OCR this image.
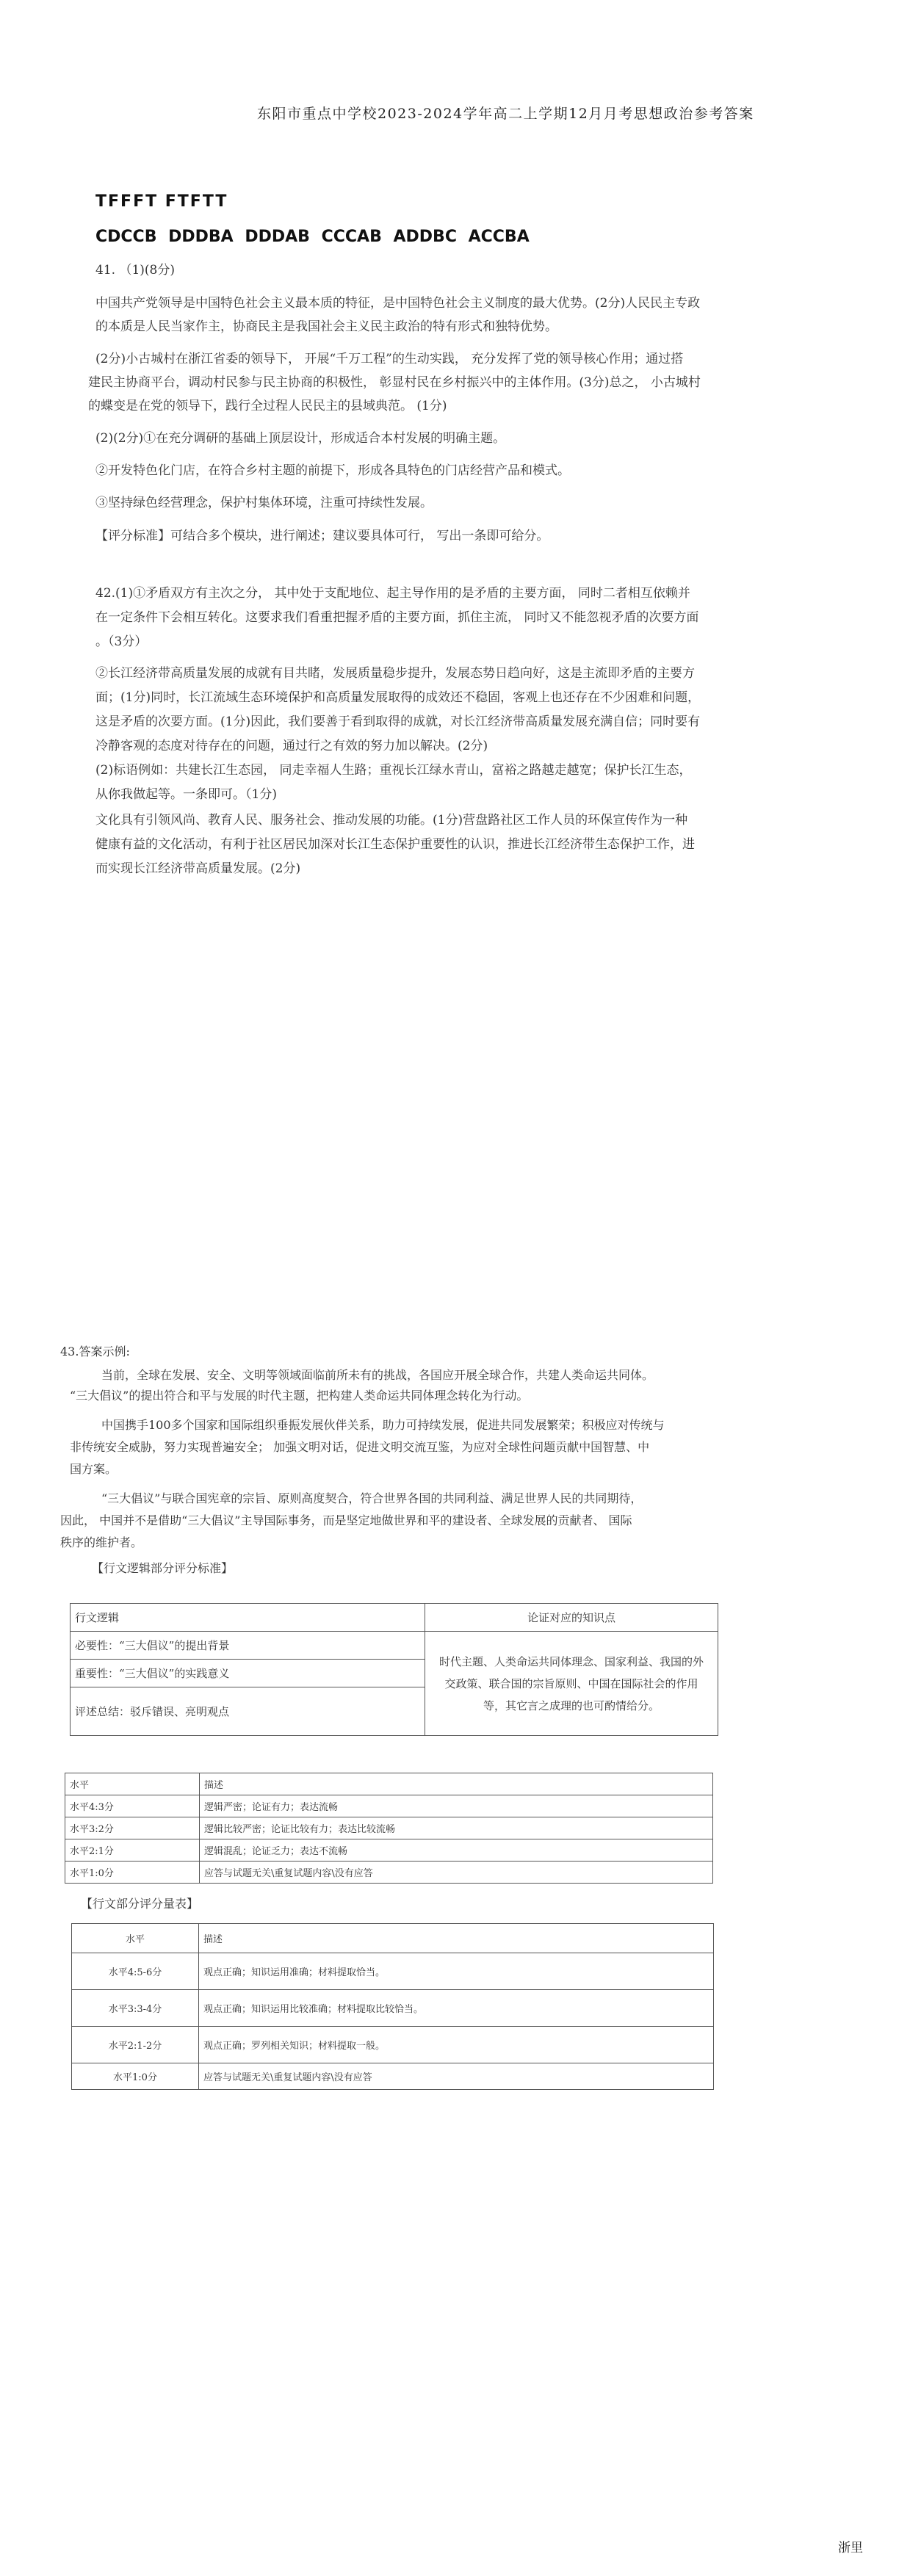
东阳市重点中学校2023-2024学年高二上学期12月月考思想政治参考答案
TFFFT FTFTT
CDCCB DDDBA DDDAB CCCAB ADDBC ACCBA
41. （1)(8分)
中国共产党领导是中国特色社会主义最本质的特征，是中国特色社会主义制度的最大优势。(2分)人民民主专政
的本质是人民当家作主，协商民主是我国社会主义民主政治的特有形式和独特优势。
(2分)小古城村在浙江省委的领导下， 开展“千万工程”的生动实践， 充分发挥了党的领导核心作用；通过搭
建民主协商平台，调动村民参与民主协商的积极性， 彰显村民在乡村振兴中的主体作用。(3分)总之， 小古城村
的蝶变是在党的领导下，践行全过程人民民主的县域典范。 (1分)
(2)(2分)①在充分调研的基础上顶层设计，形成适合本村发展的明确主题。
②开发特色化门店，在符合乡村主题的前提下，形成各具特色的门店经营产品和模式。
③坚持绿色经营理念，保护村集体环境，注重可持续性发展。
【评分标准】可结合多个模块，进行阐述；建议要具体可行， 写出一条即可给分。
42.(1)①矛盾双方有主次之分， 其中处于支配地位、起主导作用的是矛盾的主要方面， 同时二者相互依赖并
在一定条件下会相互转化。这要求我们看重把握矛盾的主要方面，抓住主流， 同时又不能忽视矛盾的次要方面
。（3分）
②长江经济带高质量发展的成就有目共睹，发展质量稳步提升，发展态势日趋向好，这是主流即矛盾的主要方
面；(1分)同时，长江流域生态环境保护和高质量发展取得的成效还不稳固，客观上也还存在不少困难和问题，
这是矛盾的次要方面。(1分)因此，我们要善于看到取得的成就，对长江经济带高质量发展充满自信；同时要有
冷静客观的态度对待存在的问题，通过行之有效的努力加以解决。(2分)
(2)标语例如：共建长江生态园， 同走幸福人生路；重视长江绿水青山，富裕之路越走越宽；保护长江生态，
从你我做起等。一条即可。（1分)
文化具有引领风尚、教育人民、服务社会、推动发展的功能。(1分)营盘路社区工作人员的环保宣传作为一种
健康有益的文化活动，有利于社区居民加深对长江生态保护重要性的认识，推进长江经济带生态保护工作，进
而实现长江经济带高质量发展。(2分)
43.答案示例:
当前，全球在发展、安全、文明等领域面临前所未有的挑战，各国应开展全球合作，共建人类命运共同体。
“三大倡议”的提出符合和平与发展的时代主题，把构建人类命运共同体理念转化为行动。
中国携手100多个国家和国际组织垂振发展伙伴关系，助力可持续发展，促进共同发展繁荣；积极应对传统与
非传统安全威胁，努力实现普遍安全； 加强文明对话，促进文明交流互鉴，为应对全球性问题贡献中国智慧、中
国方案。
“三大倡议”与联合国宪章的宗旨、原则高度契合，符合世界各国的共同利益、满足世界人民的共同期待，
因此， 中国并不是借助“三大倡议”主导国际事务，而是坚定地做世界和平的建设者、全球发展的贡献者、 国际
秩序的维护者。
【行文逻辑部分评分标准】
行文逻辑	论证对应的知识点
必要性：“三大倡议”的提出背景	时代主题、人类命运共同体理念、国家利益、我国的外交政策、联合国的宗旨原则、中国在国际社会的作用等，其它言之成理的也可酌情给分。
重要性：“三大倡议”的实践意义	
评述总结：驳斥错误、亮明观点	
水平	描述
水平4:3分	逻辑严密；论证有力；表达流畅
水平3:2分	逻辑比较严密；论证比较有力；表达比较流畅
水平2:1分	逻辑混乱；论证乏力；表达不流畅
水平1:0分	应答与试题无关\重复试题内容\没有应答
【行文部分评分量表】
水平	描述
水平4:5-6分	观点正确；知识运用准确；材料提取恰当。
水平3:3-4分	观点正确；知识运用比较准确；材料提取比较恰当。
水平2:1-2分	观点正确；罗列相关知识；材料提取一般。
水平1:0分	应答与试题无关\重复试题内容\没有应答
浙里
